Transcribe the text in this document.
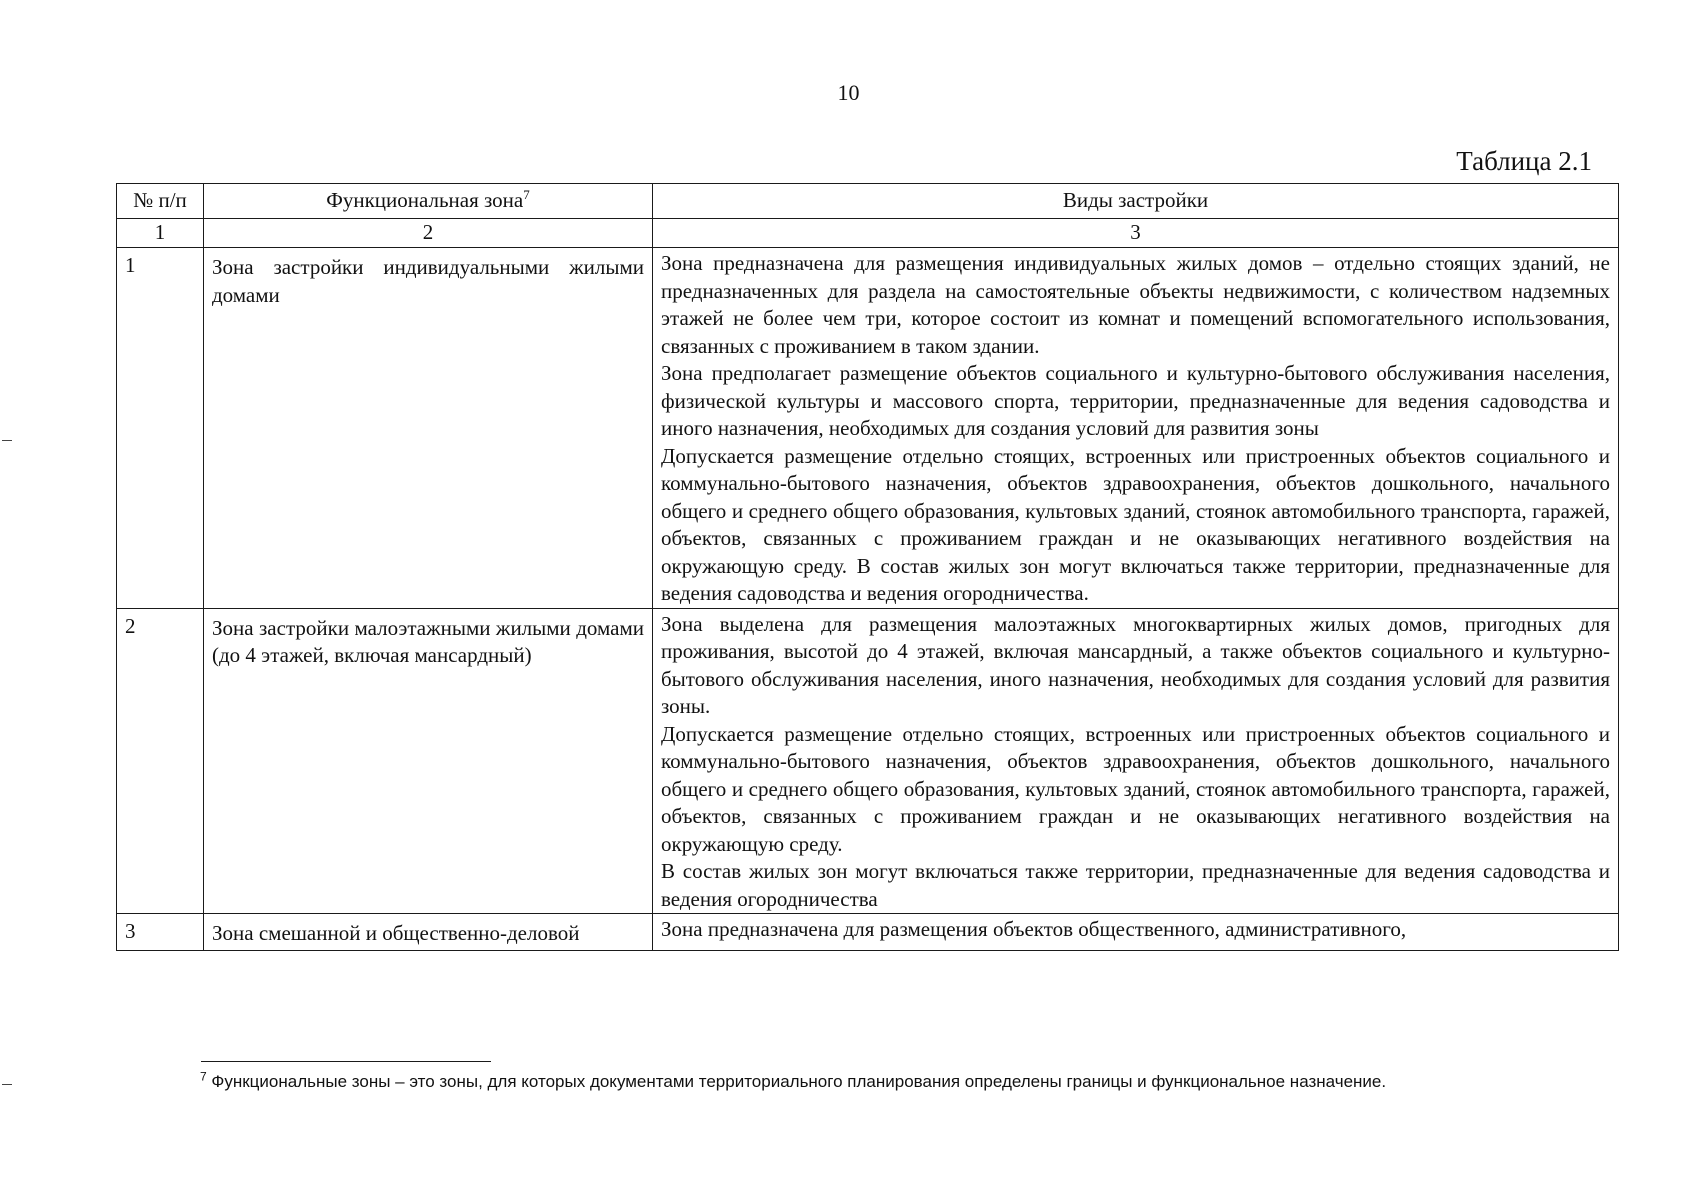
10
Таблица 2.1
№ п/п	Функциональная зона$^7$	Виды застройки
1	2	3
1	Зона застройки индивидуальными жилыми домами	Зона предназначена для размещения индивидуальных жилых домов – отдельно стоящих зданий, не предназначенных для раздела на самостоятельные объекты недвижимости, с количеством надземных этажей не более чем три, которое состоит из комнат и помещений вспомогательного использования, связанных с проживанием в таком здании.

Зона предполагает размещение объектов социального и культурно-бытового обслуживания населения, физической культуры и массового спорта, территории, предназначенные для ведения садоводства и иного назначения, необходимых для создания условий для развития зоны

Допускается размещение отдельно стоящих, встроенных или пристроенных объектов социального и коммунально-бытового назначения, объектов здравоохранения, объектов дошкольного, начального общего и среднего общего образования, культовых зданий, стоянок автомобильного транспорта, гаражей, объектов, связанных с проживанием граждан и не оказывающих негативного воздействия на окружающую среду. В состав жилых зон могут включаться также территории, предназначенные для ведения садоводства и ведения огородничества.

2	Зона застройки малоэтажными жилыми домами (до 4 этажей, включая мансардный)	Зона выделена для размещения малоэтажных многоквартирных жилых домов, пригодных для проживания, высотой до 4 этажей, включая мансардный, а также объектов социального и культурно-бытового обслуживания населения, иного назначения, необходимых для создания условий для развития зоны.

Допускается размещение отдельно стоящих, встроенных или пристроенных объектов социального и коммунально-бытового назначения, объектов здравоохранения, объектов дошкольного, начального общего и среднего общего образования, культовых зданий, стоянок автомобильного транспорта, гаражей, объектов, связанных с проживанием граждан и не оказывающих негативного воздействия на окружающую среду.

В состав жилых зон могут включаться также территории, предназначенные для ведения садоводства и ведения огородничества

3	Зона смешанной и общественно-деловой	Зона предназначена для размещения объектов общественного, административного,

$^7$ Функциональные зоны – это зоны, для которых документами территориального планирования определены границы и функциональное назначение.
